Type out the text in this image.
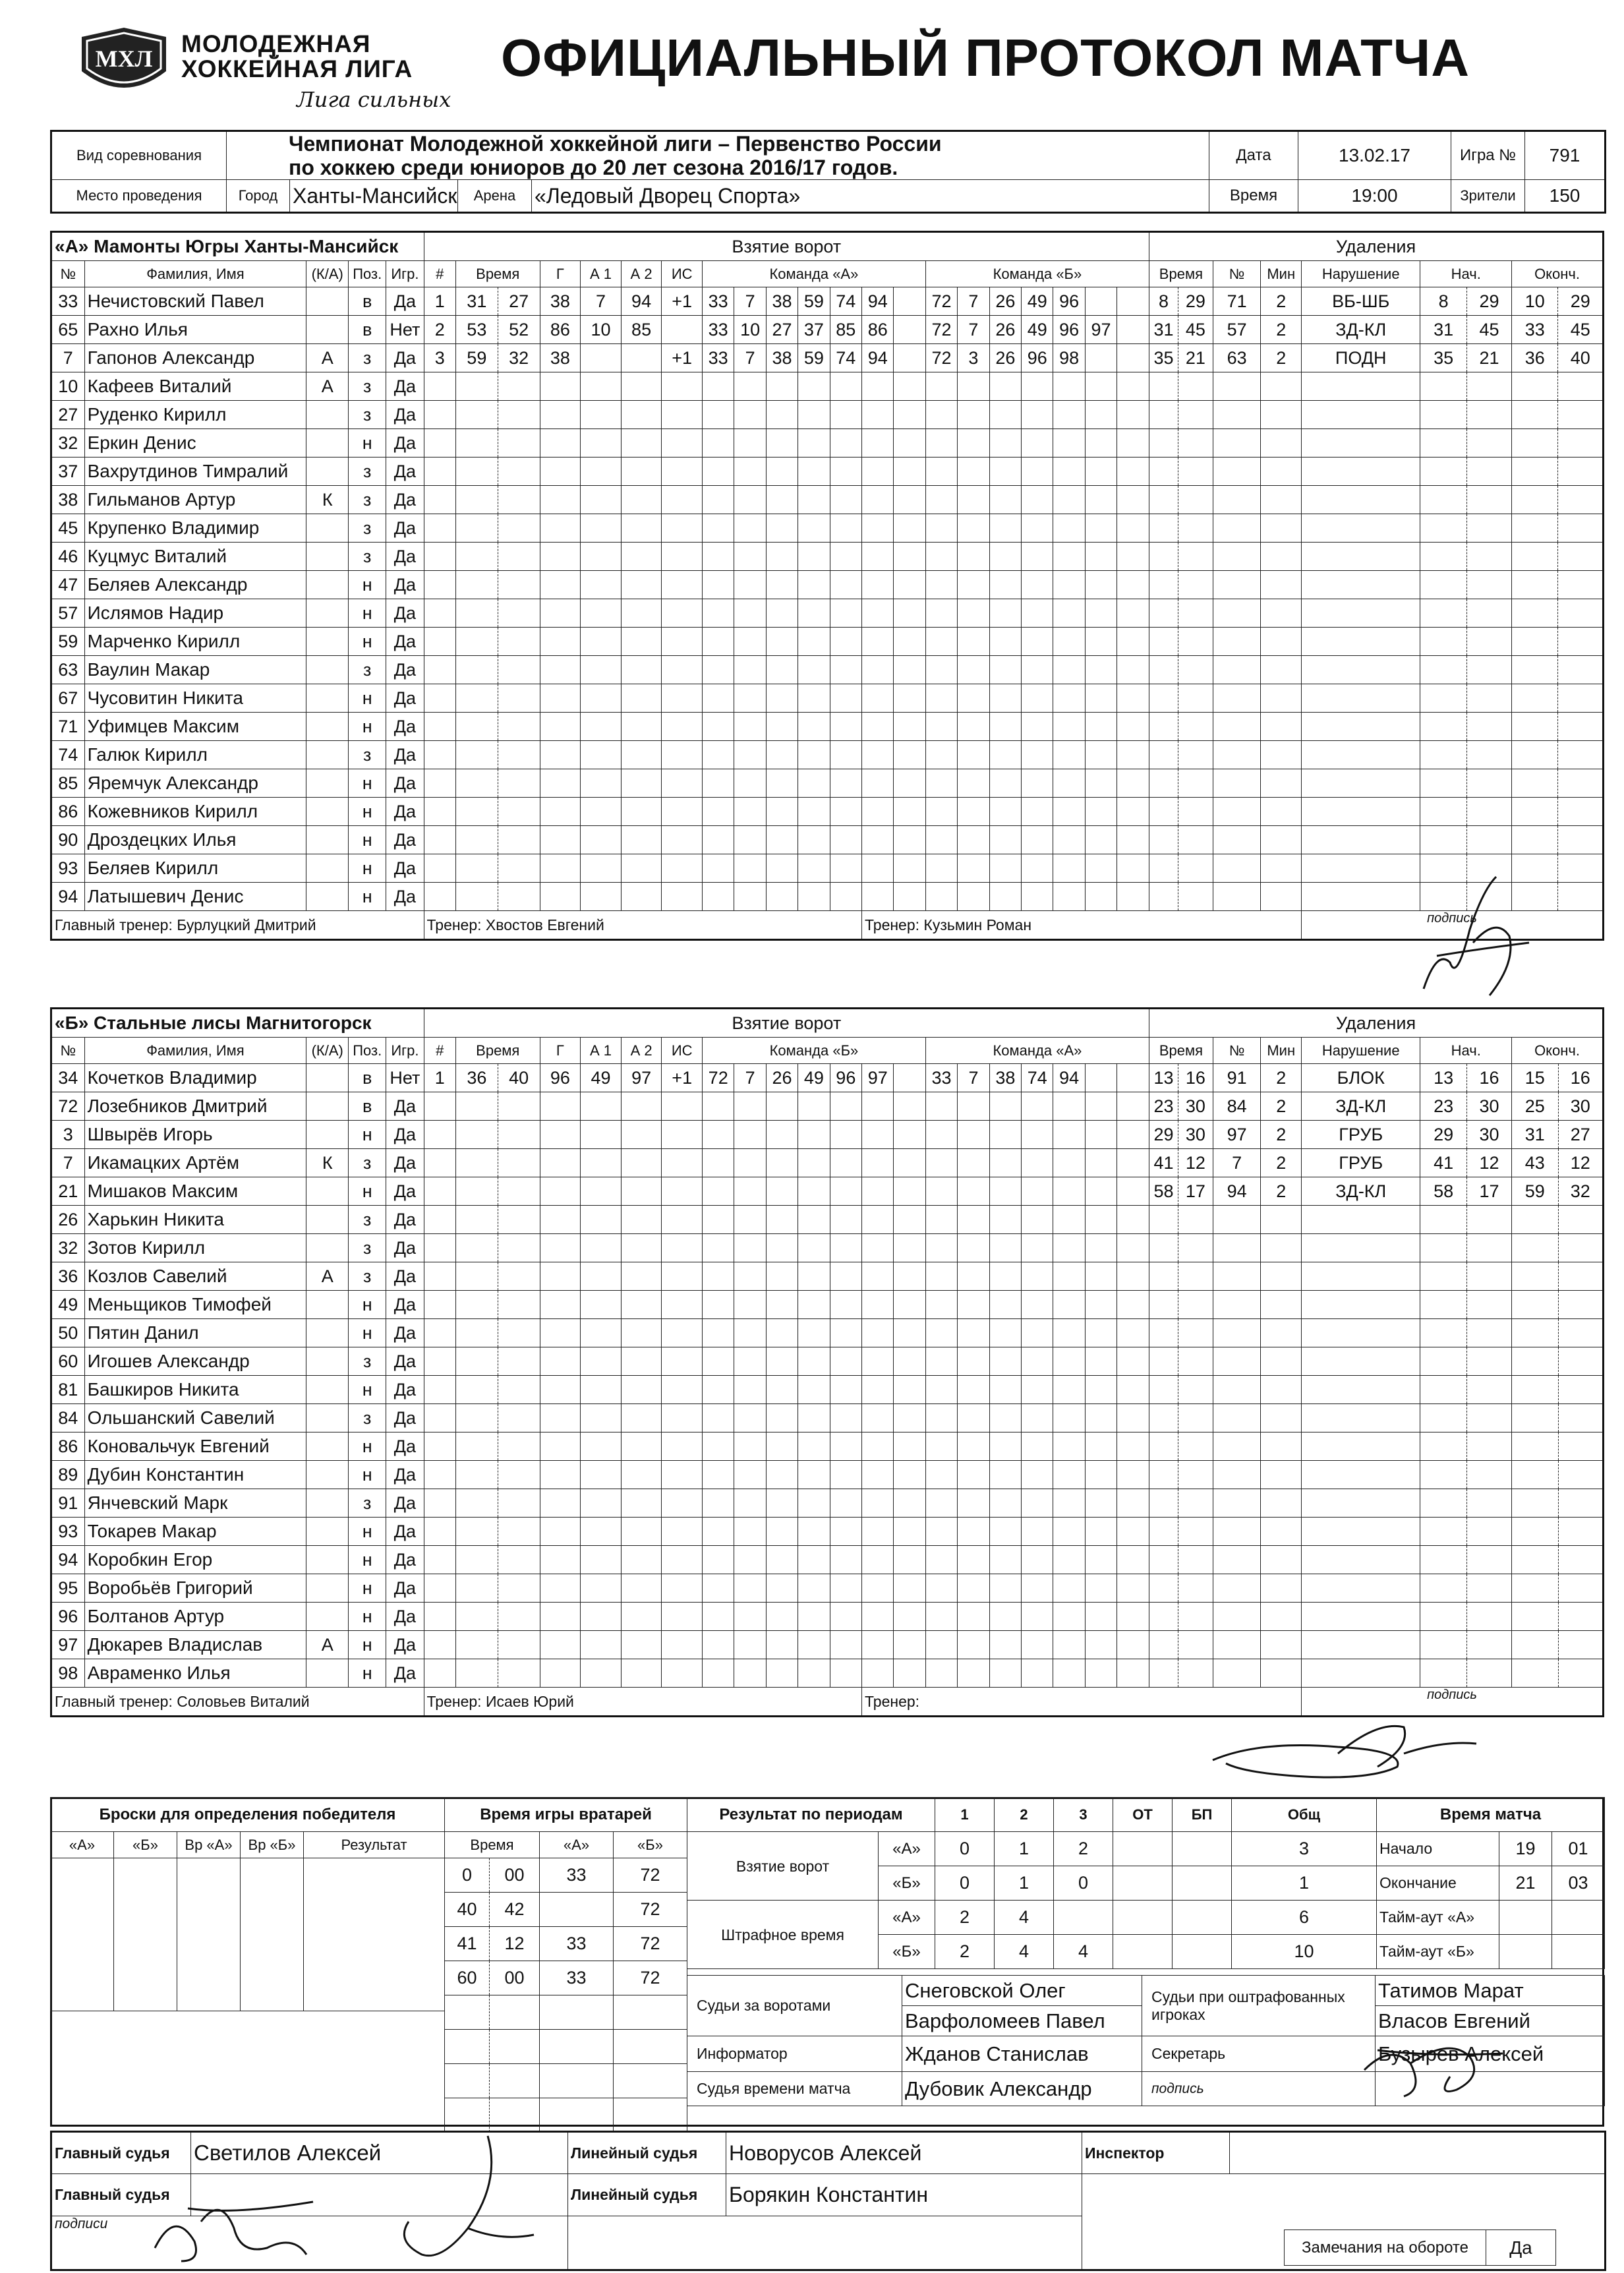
МХЛ
МОЛОДЕЖНАЯ
ХОККЕЙНАЯ ЛИГА
Лига сильных
ОФИЦИАЛЬНЫЙ ПРОТОКОЛ МАТЧА
Вид соревнования	Чемпионат Молодежной хоккейной лиги – Первенство России
по хоккею среди юниоров до 20 лет сезона 2016/17 годов.				Дата	13.02.17	Игра №	791
Место проведения	Город	Ханты-Мансийск	Арена	«Ледовый Дворец Спорта»	Время	19:00	Зрители	150
«А» Мамонты Югры Ханты-Мансийск					Взятие ворот																					Удаления								
№	Фамилия, Имя	(К/А)	Поз.	Игр.	#	Время		Г	А 1	А 2	ИС	Команда «А»							Команда «Б»							Время		№	Мин	Нарушение	Нач.		Оконч.	
33	Нечистовский Павел		в	Да	1	31	27	38	7	94	+1	33	7	38	59	74	94		72	7	26	49	96			8	29	71	2	ВБ-ШБ	8	29	10	29
65	Рахно Илья		в	Нет	2	53	52	86	10	85		33	10	27	37	85	86		72	7	26	49	96	97		31	45	57	2	ЗД-КЛ	31	45	33	45
7	Гапонов Александр	А	з	Да	3	59	32	38			+1	33	7	38	59	74	94		72	3	26	96	98			35	21	63	2	ПОДН	35	21	36	40
10	Кафеев Виталий	А	з	Да																														
27	Руденко Кирилл		з	Да																														
32	Еркин Денис		н	Да																														
37	Вахрутдинов Тимралий		з	Да																														
38	Гильманов Артур	К	з	Да																														
45	Крупенко Владимир		з	Да																														
46	Куцмус Виталий		з	Да																														
47	Беляев Александр		н	Да																														
57	Ислямов Надир		н	Да																														
59	Марченко Кирилл		н	Да																														
63	Ваулин Макар		з	Да																														
67	Чусовитин Никита		н	Да																														
71	Уфимцев Максим		н	Да																														
74	Галюк Кирилл		з	Да																														
85	Яремчук Александр		н	Да																														
86	Кожевников Кирилл		н	Да																														
90	Дроздецких Илья		н	Да																														
93	Беляев Кирилл		н	Да																														
94	Латышевич Денис		н	Да																														
Главный тренер: Бурлуцкий Дмитрий					Тренер: Хвостов Евгений												Тренер: Кузьмин Роман													подпись				
«Б» Стальные лисы Магнитогорск					Взятие ворот																					Удаления								
№	Фамилия, Имя	(К/А)	Поз.	Игр.	#	Время		Г	А 1	А 2	ИС	Команда «Б»							Команда «А»							Время		№	Мин	Нарушение	Нач.		Оконч.	
34	Кочетков Владимир		в	Нет	1	36	40	96	49	97	+1	72	7	26	49	96	97		33	7	38	74	94			13	16	91	2	БЛОК	13	16	15	16
72	Лозебников Дмитрий		в	Да																						23	30	84	2	ЗД-КЛ	23	30	25	30
3	Швырёв Игорь		н	Да																						29	30	97	2	ГРУБ	29	30	31	27
7	Икамацких Артём	К	з	Да																						41	12	7	2	ГРУБ	41	12	43	12
21	Мишаков Максим		н	Да																						58	17	94	2	ЗД-КЛ	58	17	59	32
26	Харькин Никита		з	Да																														
32	Зотов Кирилл		з	Да																														
36	Козлов Савелий	А	з	Да																														
49	Меньщиков Тимофей		н	Да																														
50	Пятин Данил		н	Да																														
60	Игошев Александр		з	Да																														
81	Башкиров Никита		н	Да																														
84	Ольшанский Савелий		з	Да																														
86	Коновальчук Евгений		н	Да																														
89	Дубин Константин		н	Да																														
91	Янчевский Марк		з	Да																														
93	Токарев Макар		н	Да																														
94	Коробкин Егор		н	Да																														
95	Воробьёв Григорий		н	Да																														
96	Болтанов Артур		н	Да																														
97	Дюкарев Владислав	А	н	Да																														
98	Авраменко Илья		н	Да																														
Главный тренер: Соловьев Виталий					Тренер: Исаев Юрий												Тренер:													подпись				
Броски для определения победителя				
«А»	«Б»	Вр «А»	Вр «Б»	Результат

Время игры вратарей			
Время		«А»	«Б»
0	00	33	72
40	42		72
41	12	33	72
60	00	33	72

Результат по периодам		1	2	3	ОТ	БП	Общ
Взятие ворот	«А»	0	1	2			3
	«Б»	0	1	0			1
Штрафное время	«А»	2	4				6
	«Б»	2	4	4			10
Время матча		
Начало	19	01
Окончание	21	03
Тайм-аут «А»		
Тайм-аут «Б»		
Судьи за воротами	Снеговской Олег	Судьи при оштрафованных игроках	Татимов Марат
	Варфоломеев Павел		Власов Евгений
Информатор	Жданов Станислав	Секретарь	Бузырев Алексей
Судья времени матча	Дубовик Александр	подпись	
Главный судья	Светилов Алексей	Линейный судья	Новорусов Алексей	Инспектор	
Главный судья		Линейный судья	Борякин Константин		
подписи					
Замечания на обороте	Да
